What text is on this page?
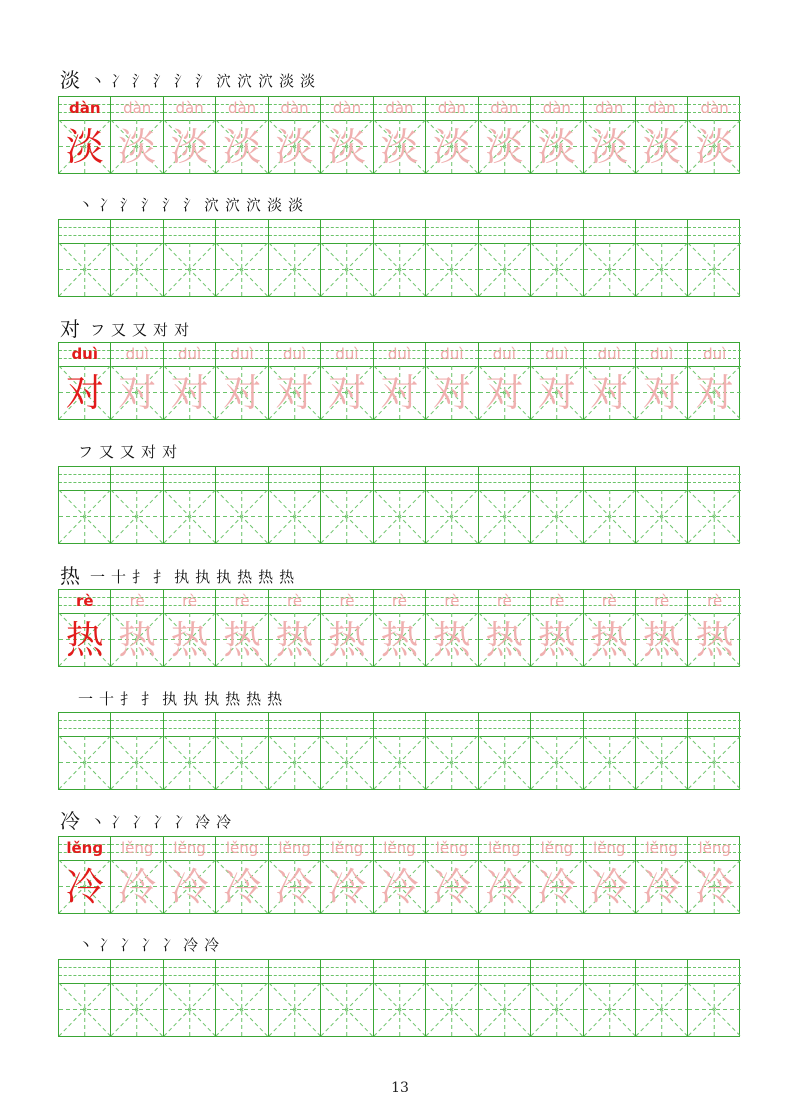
淡 丶 冫 氵 氵 氵 氵 泬 泬 泬 淡 淡
dàn
淡
dàn
淡
dàn
淡
dàn
淡
dàn
淡
dàn
淡
dàn
淡
dàn
淡
dàn
淡
dàn
淡
dàn
淡
dàn
淡
dàn
淡
丶 冫 氵 氵 氵 氵 泬 泬 泬 淡 淡
对 フ 又 又 对 对
duì
对
duì
对
duì
对
duì
对
duì
对
duì
对
duì
对
duì
对
duì
对
duì
对
duì
对
duì
对
duì
对
フ 又 又 对 对
热 一 十 扌 扌 执 执 执 热 热 热
rè
热
rè
热
rè
热
rè
热
rè
热
rè
热
rè
热
rè
热
rè
热
rè
热
rè
热
rè
热
rè
热
一 十 扌 扌 执 执 执 热 热 热
冷 丶 冫 冫 冫 冫 冷 冷
lěng
冷
lěng
冷
lěng
冷
lěng
冷
lěng
冷
lěng
冷
lěng
冷
lěng
冷
lěng
冷
lěng
冷
lěng
冷
lěng
冷
lěng
冷
丶 冫 冫 冫 冫 冷 冷
13
